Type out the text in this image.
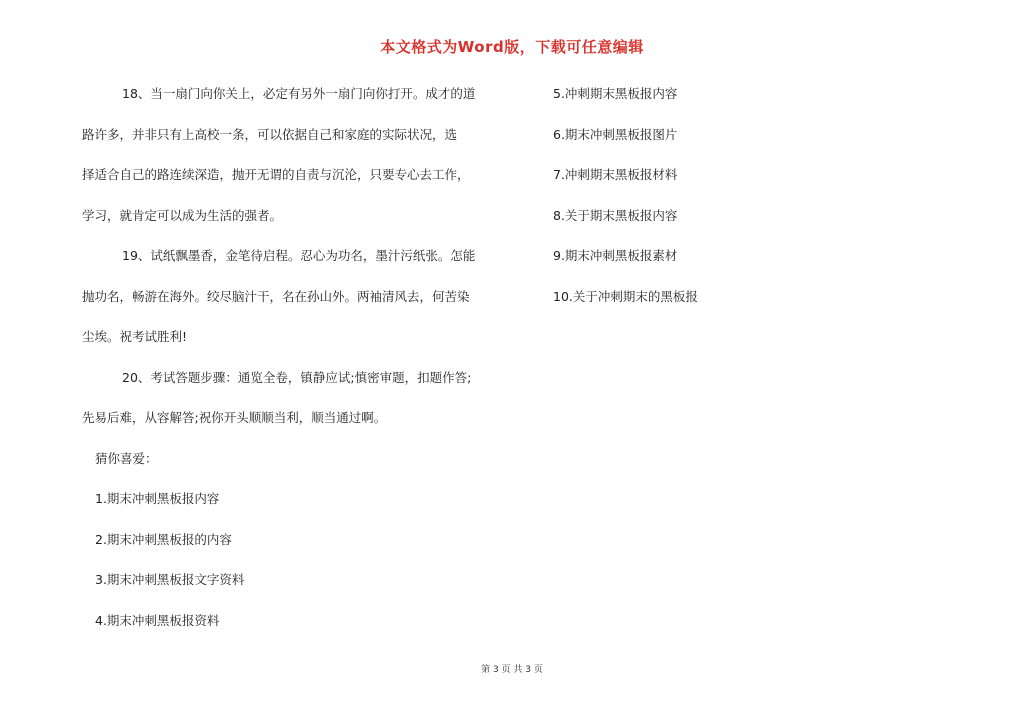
本文格式为Word版，下载可任意编辑
18、当一扇门向你关上，必定有另外一扇门向你打开。成才的道
路许多，并非只有上高校一条，可以依据自己和家庭的实际状况，选
择适合自己的路连续深造，抛开无谓的自责与沉沦，只要专心去工作，
学习，就肯定可以成为生活的强者。
19、试纸飘墨香，金笔待启程。忍心为功名，墨汁污纸张。怎能
抛功名，畅游在海外。绞尽脑汁干，名在孙山外。两袖清风去，何苦染
尘埃。祝考试胜利!
20、考试答题步骤：通览全卷，镇静应试;慎密审题，扣题作答;
先易后难，从容解答;祝你开头顺顺当利，顺当通过啊。
猜你喜爱：
1.期末冲刺黑板报内容
2.期末冲刺黑板报的内容
3.期末冲刺黑板报文字资料
4.期末冲刺黑板报资料
5.冲刺期末黑板报内容
6.期末冲刺黑板报图片
7.冲刺期末黑板报材料
8.关于期末黑板报内容
9.期末冲刺黑板报素材
10.关于冲刺期末的黑板报
第 3 页 共 3 页
